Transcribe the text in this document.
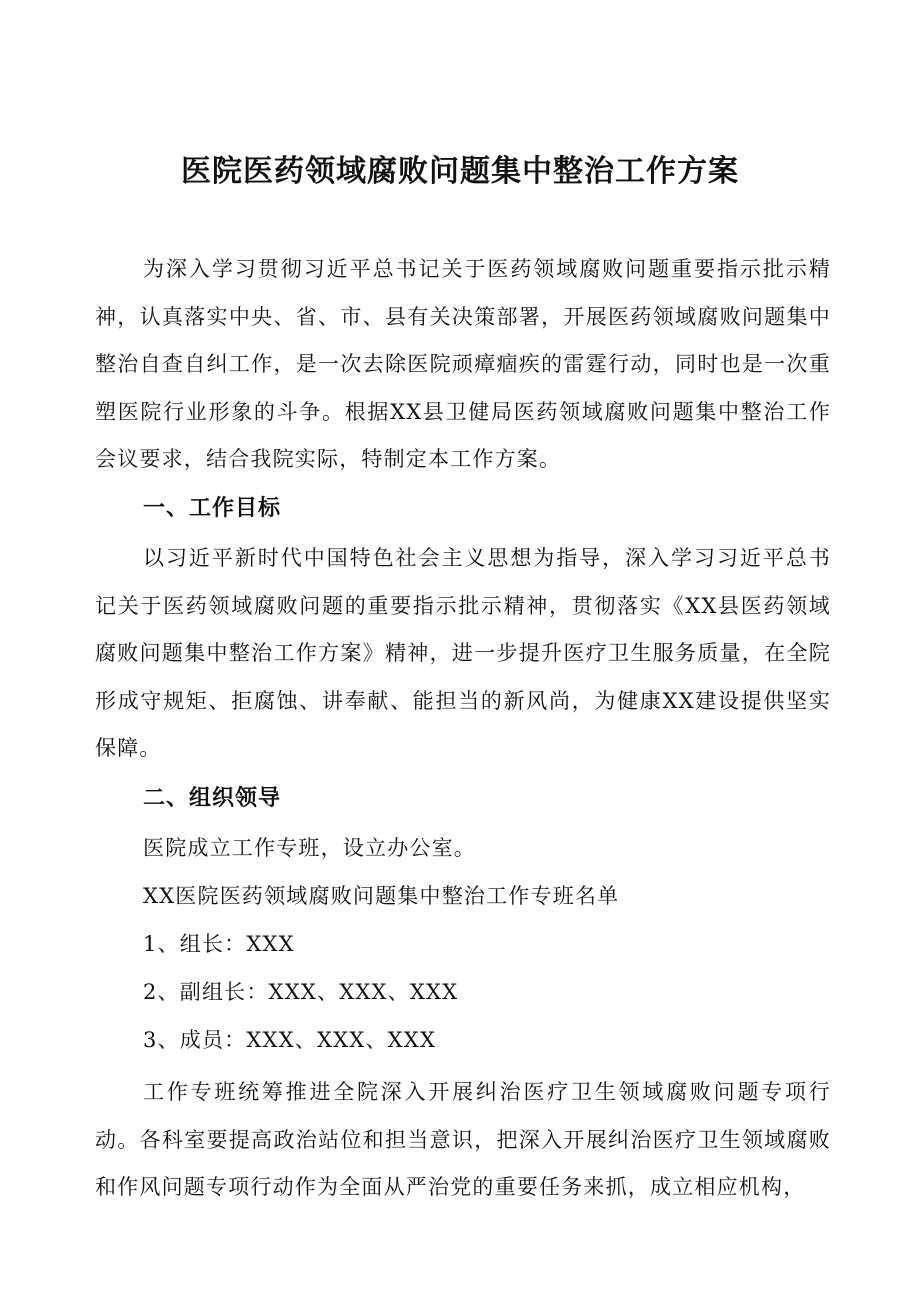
医院医药领域腐败问题集中整治工作方案

为深入学习贯彻习近平总书记关于医药领域腐败问题重要指示批示精神，认真落实中央、省、市、县有关决策部署，开展医药领域腐败问题集中整治自查自纠工作，是一次去除医院顽瘴痼疾的雷霆行动，同时也是一次重塑医院行业形象的斗争。根据XX县卫健局医药领域腐败问题集中整治工作会议要求，结合我院实际，特制定本工作方案。

一、工作目标

以习近平新时代中国特色社会主义思想为指导，深入学习习近平总书记关于医药领域腐败问题的重要指示批示精神，贯彻落实《XX县医药领域腐败问题集中整治工作方案》精神，进一步提升医疗卫生服务质量，在全院形成守规矩、拒腐蚀、讲奉献、能担当的新风尚，为健康XX建设提供坚实保障。

二、组织领导

医院成立工作专班，设立办公室。

XX医院医药领域腐败问题集中整治工作专班名单

1、组长：XXX

2、副组长：XXX、XXX、XXX

3、成员：XXX、XXX、XXX

工作专班统筹推进全院深入开展纠治医疗卫生领域腐败问题专项行动。各科室要提高政治站位和担当意识，把深入开展纠治医疗卫生领域腐败和作风问题专项行动作为全面从严治党的重要任务来抓，成立相应机构，
